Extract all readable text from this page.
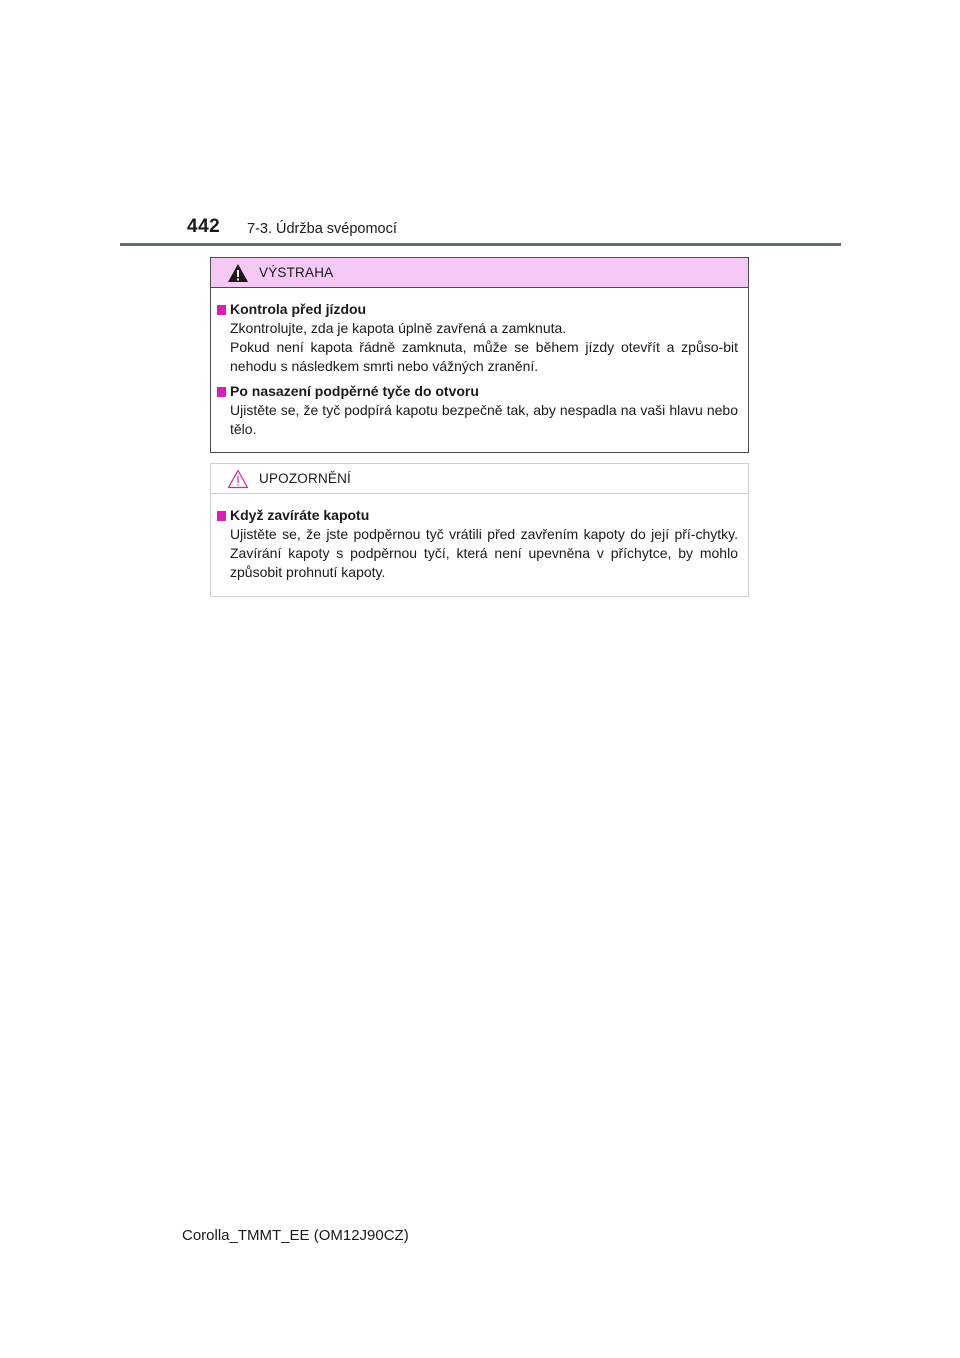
442 7-3. Údržba svépomocí
VÝSTRAHA
Kontrola před jízdou
Zkontrolujte, zda je kapota úplně zavřená a zamknuta.
Pokud není kapota řádně zamknuta, může se během jízdy otevřít a způso-bit nehodu s následkem smrti nebo vážných zranění.
Po nasazení podpěrné tyče do otvoru
Ujistěte se, že tyč podpírá kapotu bezpečně tak, aby nespadla na vaši hlavu nebo tělo.
UPOZORNĚNÍ
Když zavíráte kapotu
Ujistěte se, že jste podpěrnou tyč vrátili před zavřením kapoty do její pří-chytky. Zavírání kapoty s podpěrnou tyčí, která není upevněna v příchytce, by mohlo způsobit prohnutí kapoty.
Corolla_TMMT_EE (OM12J90CZ)
